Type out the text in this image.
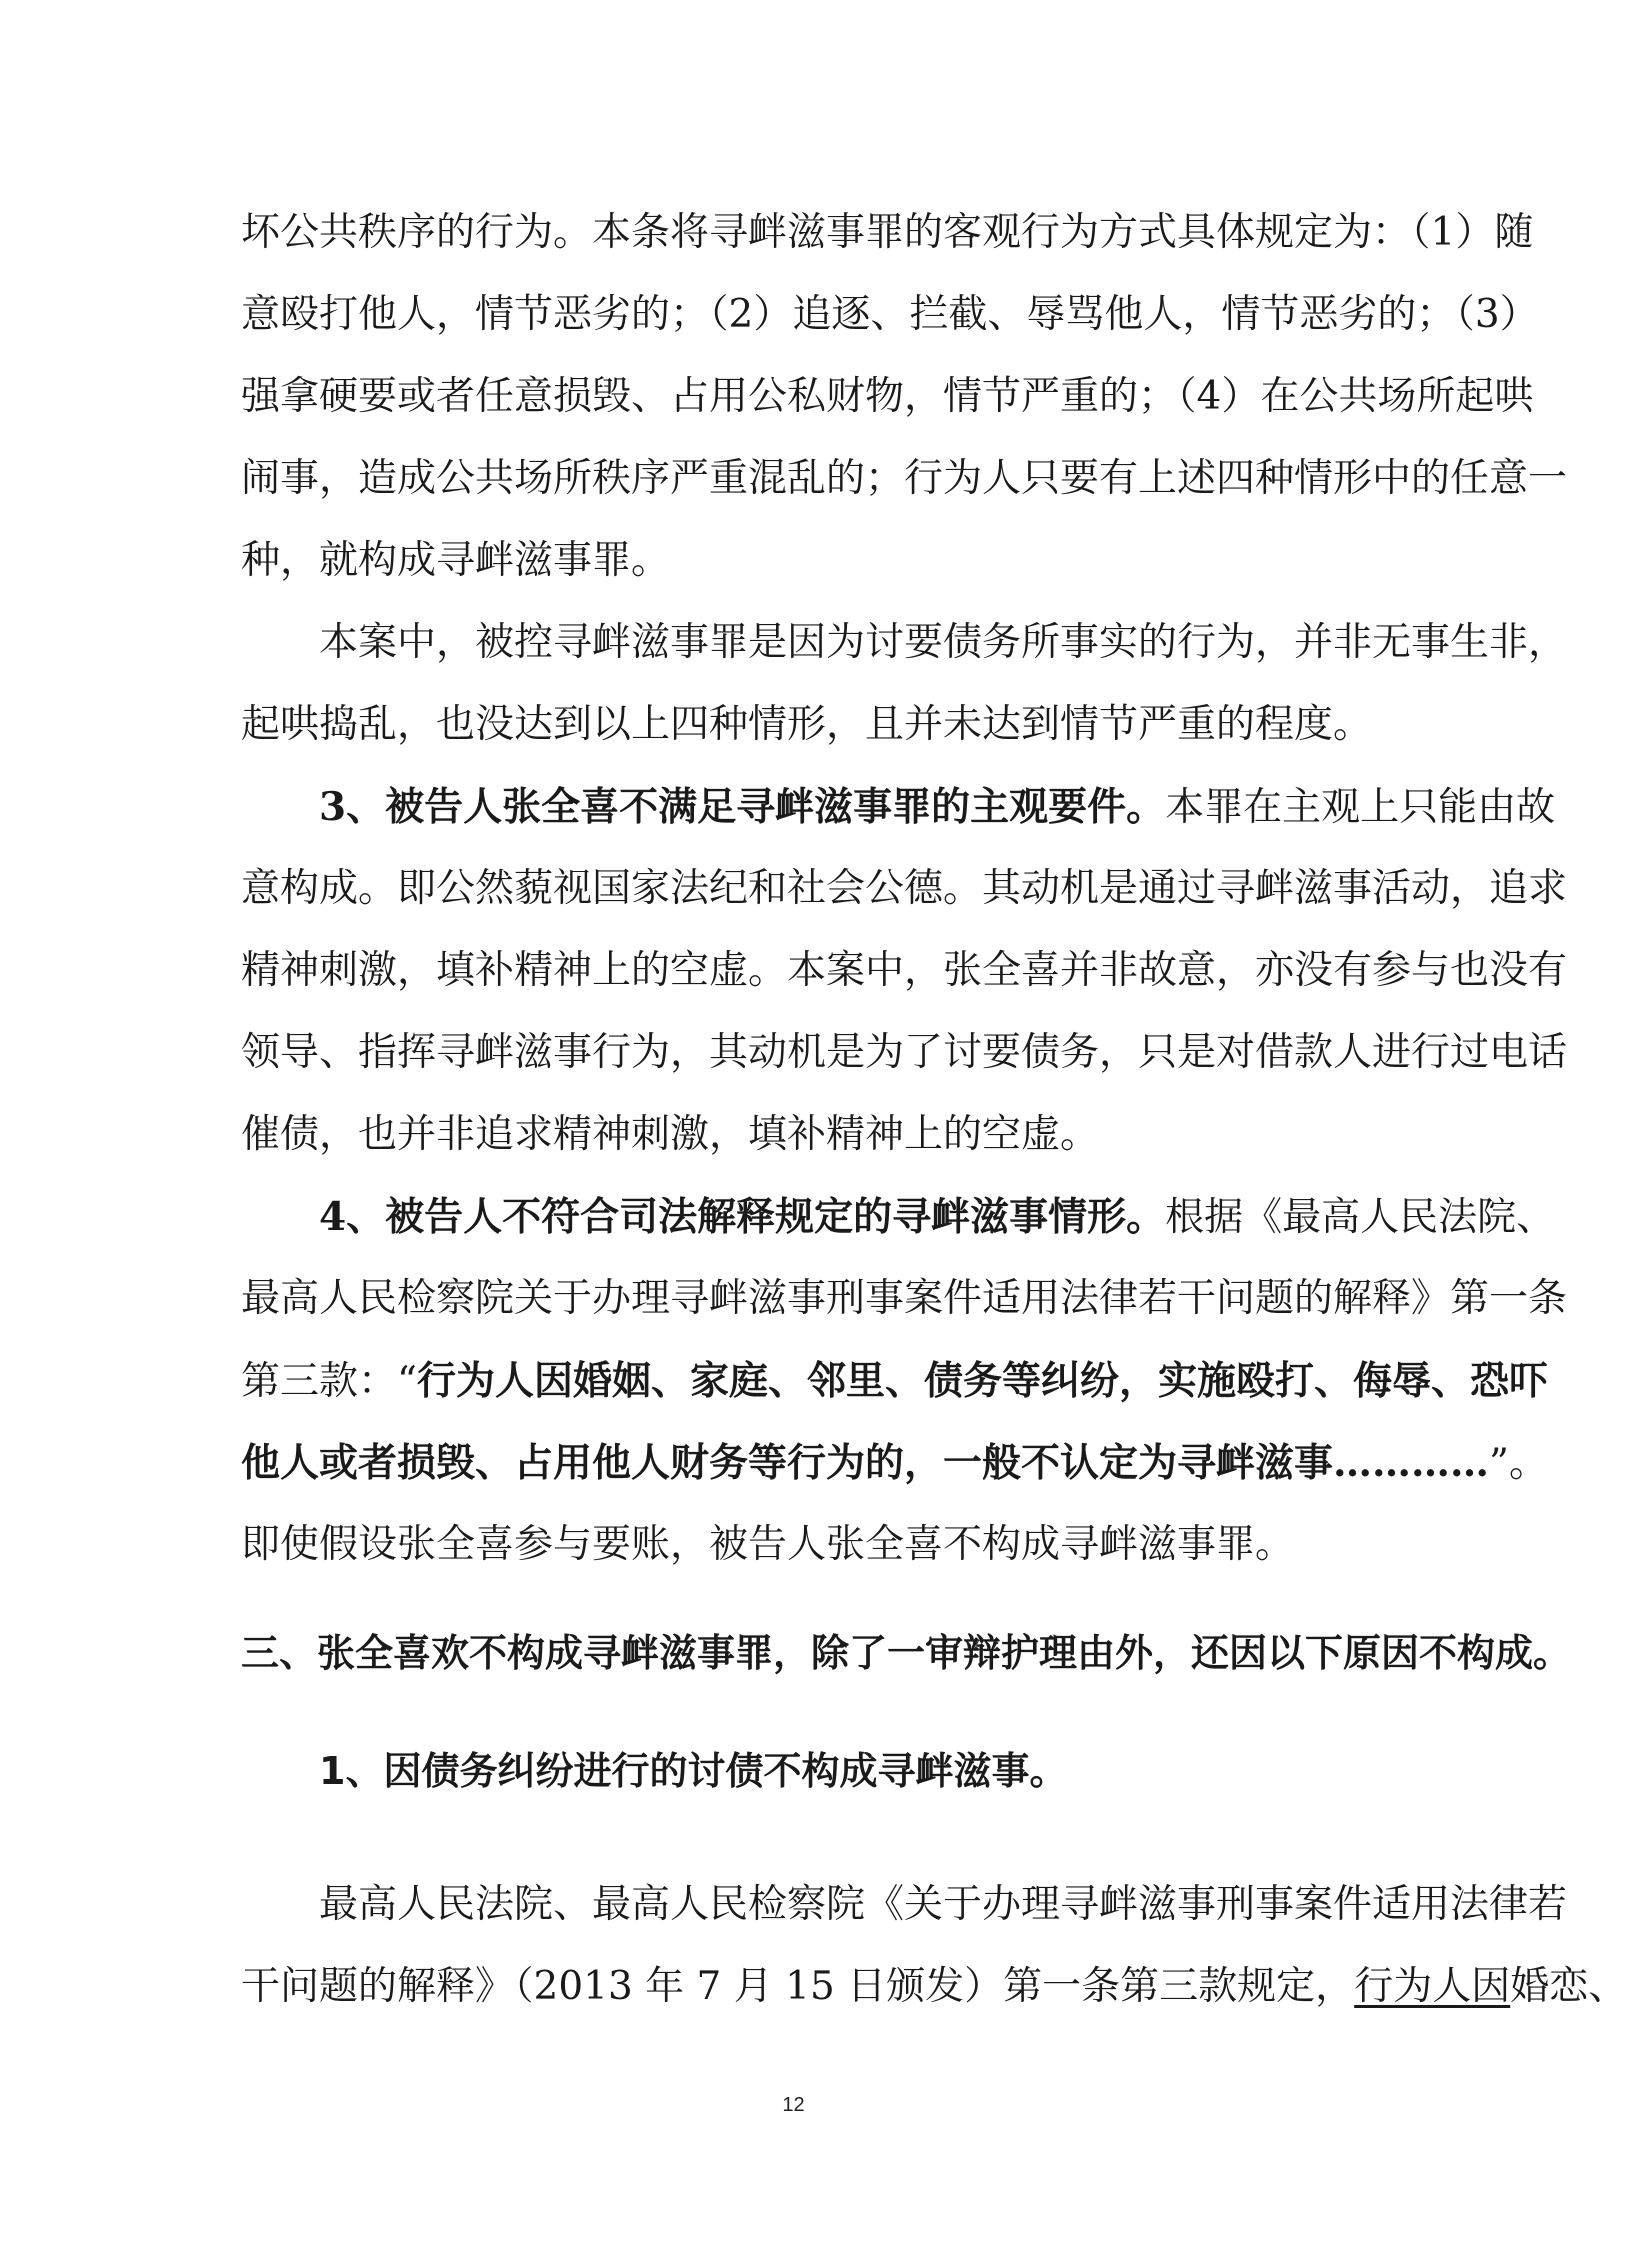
坏公共秩序的行为。本条将寻衅滋事罪的客观行为方式具体规定为：（1）随
意殴打他人，情节恶劣的；（2）追逐、拦截、辱骂他人，情节恶劣的；（3）
强拿硬要或者任意损毁、占用公私财物，情节严重的；（4）在公共场所起哄
闹事，造成公共场所秩序严重混乱的；行为人只要有上述四种情形中的任意一
种，就构成寻衅滋事罪。
本案中，被控寻衅滋事罪是因为讨要债务所事实的行为，并非无事生非，
起哄捣乱，也没达到以上四种情形，且并未达到情节严重的程度。
3、被告人张全喜不满足寻衅滋事罪的主观要件。本罪在主观上只能由故
意构成。即公然藐视国家法纪和社会公德。其动机是通过寻衅滋事活动，追求
精神刺激，填补精神上的空虚。本案中，张全喜并非故意，亦没有参与也没有
领导、指挥寻衅滋事行为，其动机是为了讨要债务，只是对借款人进行过电话
催债，也并非追求精神刺激，填补精神上的空虚。
4、被告人不符合司法解释规定的寻衅滋事情形。根据《最高人民法院、
最高人民检察院关于办理寻衅滋事刑事案件适用法律若干问题的解释》第一条
第三款：“行为人因婚姻、家庭、邻里、债务等纠纷，实施殴打、侮辱、恐吓
他人或者损毁、占用他人财务等行为的，一般不认定为寻衅滋事…………”。
即使假设张全喜参与要账，被告人张全喜不构成寻衅滋事罪。
三、张全喜欢不构成寻衅滋事罪，除了一审辩护理由外，还因以下原因不构成。
1、因债务纠纷进行的讨债不构成寻衅滋事。
最高人民法院、最高人民检察院《关于办理寻衅滋事刑事案件适用法律若
干问题的解释》（2013 年 7 月 15 日颁发）第一条第三款规定，行为人因婚恋、
12
